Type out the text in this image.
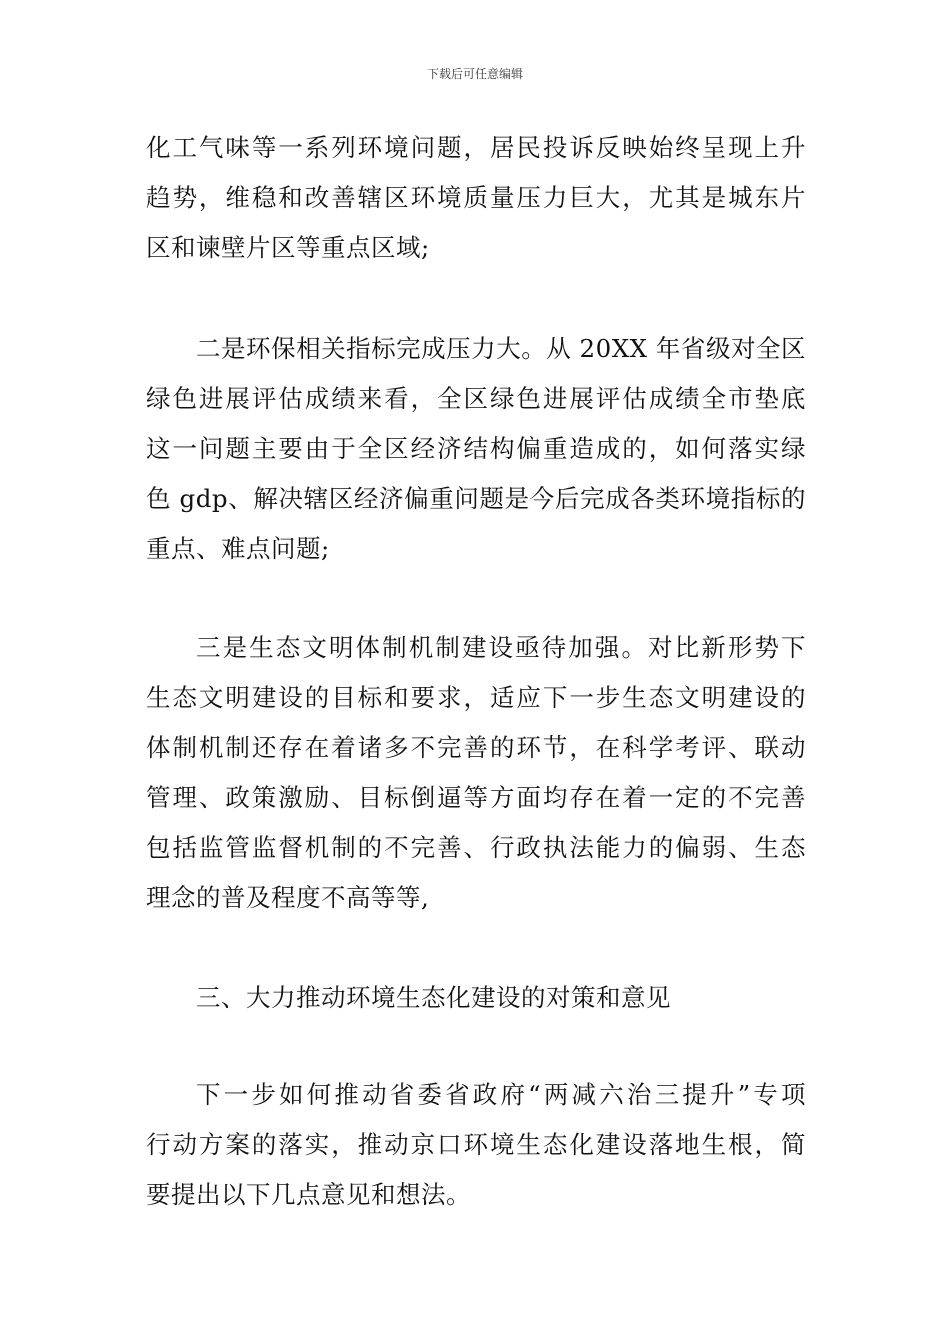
下载后可任意编辑
化工气味等一系列环境问题，居民投诉反映始终呈现上升
趋势，维稳和改善辖区环境质量压力巨大，尤其是城东片
区和谏壁片区等重点区域;
二是环保相关指标完成压力大。从 20XX 年省级对全区
绿色进展评估成绩来看，全区绿色进展评估成绩全市垫底
这一问题主要由于全区经济结构偏重造成的，如何落实绿
色 gdp、解决辖区经济偏重问题是今后完成各类环境指标的
重点、难点问题;
三是生态文明体制机制建设亟待加强。对比新形势下
生态文明建设的目标和要求，适应下一步生态文明建设的
体制机制还存在着诸多不完善的环节，在科学考评、联动
管理、政策激励、目标倒逼等方面均存在着一定的不完善
包括监管监督机制的不完善、行政执法能力的偏弱、生态
理念的普及程度不高等等,
三、大力推动环境生态化建设的对策和意见
下一步如何推动省委省政府“两减六治三提升”专项
行动方案的落实，推动京口环境生态化建设落地生根，简
要提出以下几点意见和想法。
